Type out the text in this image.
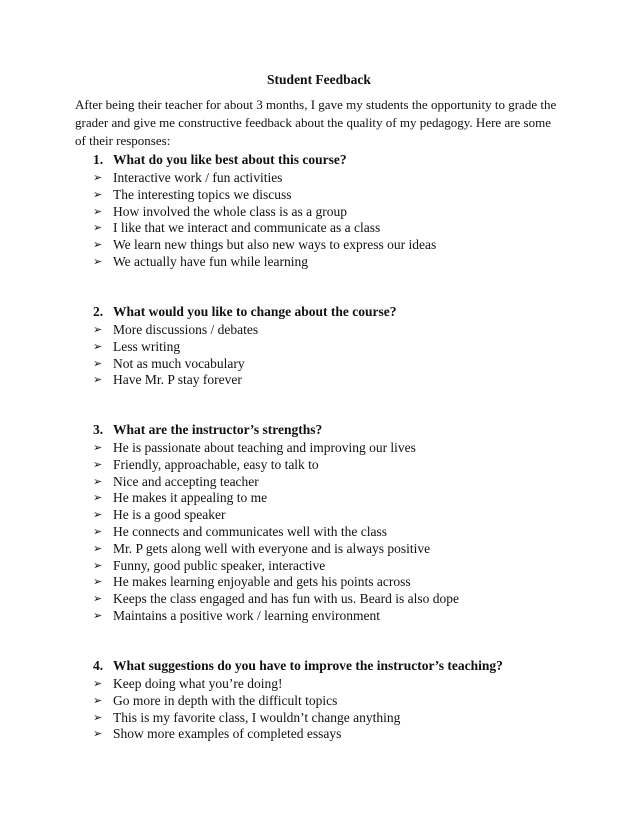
Student Feedback
After being their teacher for about 3 months, I gave my students the opportunity to grade the grader and give me constructive feedback about the quality of my pedagogy. Here are some of their responses:
1. What do you like best about this course?
➢ Interactive work / fun activities
➢ The interesting topics we discuss
➢ How involved the whole class is as a group
➢ I like that we interact and communicate as a class
➢ We learn new things but also new ways to express our ideas
➢ We actually have fun while learning
2. What would you like to change about the course?
➢ More discussions / debates
➢ Less writing
➢ Not as much vocabulary
➢ Have Mr. P stay forever
3. What are the instructor’s strengths?
➢ He is passionate about teaching and improving our lives
➢ Friendly, approachable, easy to talk to
➢ Nice and accepting teacher
➢ He makes it appealing to me
➢ He is a good speaker
➢ He connects and communicates well with the class
➢ Mr. P gets along well with everyone and is always positive
➢ Funny, good public speaker, interactive
➢ He makes learning enjoyable and gets his points across
➢ Keeps the class engaged and has fun with us. Beard is also dope
➢ Maintains a positive work / learning environment
4. What suggestions do you have to improve the instructor’s teaching?
➢ Keep doing what you’re doing!
➢ Go more in depth with the difficult topics
➢ This is my favorite class, I wouldn’t change anything
➢ Show more examples of completed essays
